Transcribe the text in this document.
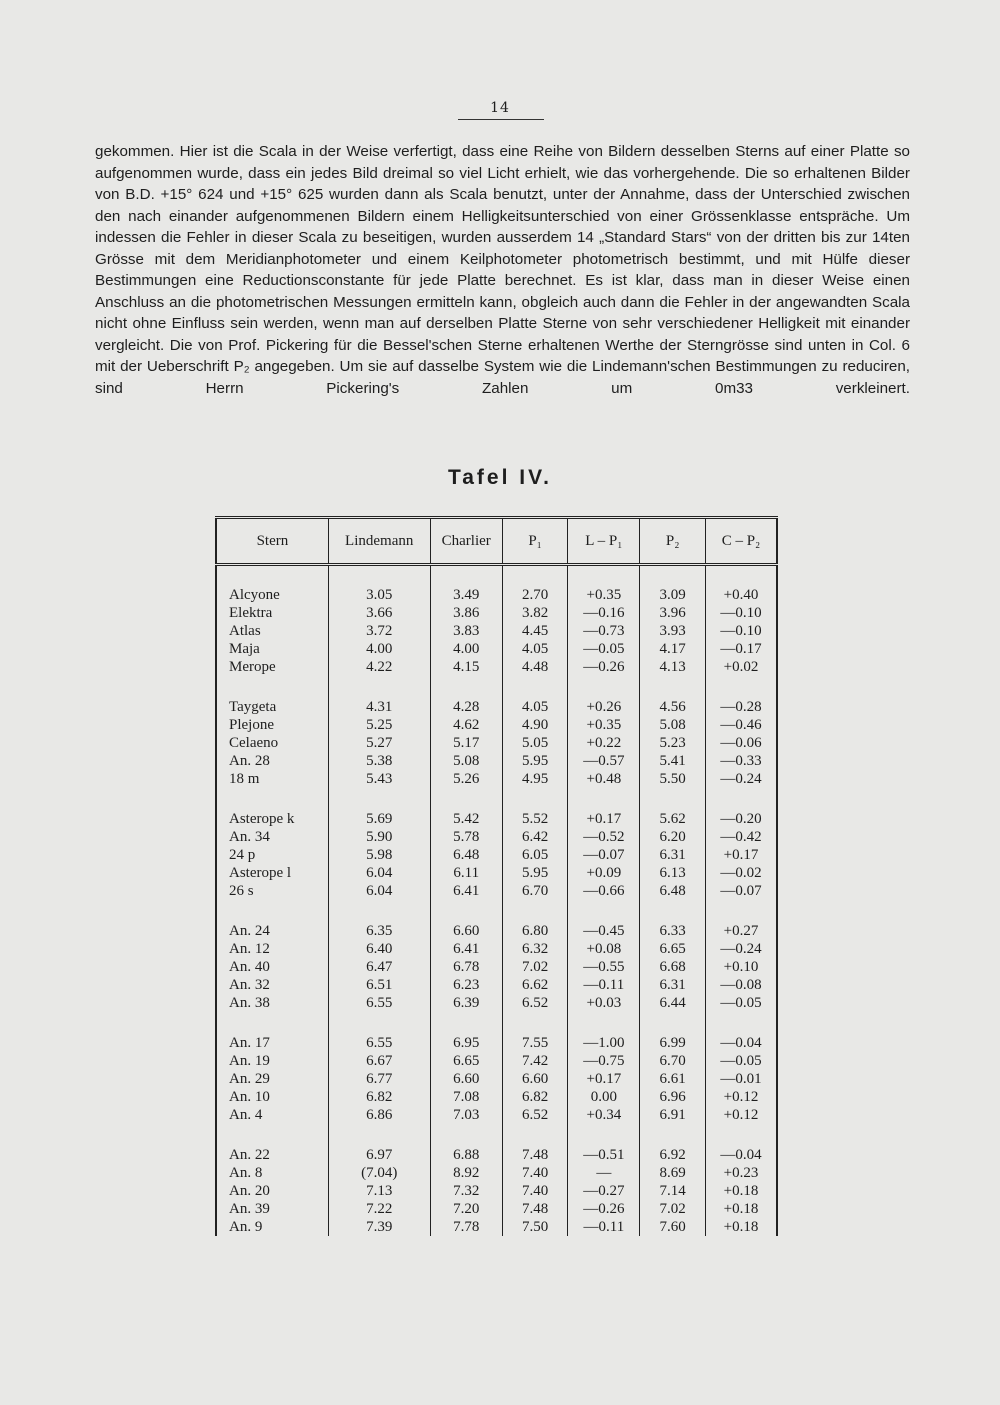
14

gekommen. Hier ist die Scala in der Weise verfertigt, dass eine Reihe von Bildern desselben Sterns auf einer Platte so aufgenommen wurde, dass ein jedes Bild dreimal so viel Licht erhielt, wie das vorhergehende. Die so erhaltenen Bilder von B.D. +15° 624 und +15° 625 wurden dann als Scala benutzt, unter der Annahme, dass der Unterschied zwischen den nach einander aufgenommenen Bildern einem Helligkeitsunterschied von einer Grössenklasse entspräche. Um indessen die Fehler in dieser Scala zu beseitigen, wurden ausserdem 14 „Standard Stars“ von der dritten bis zur 14ten Grösse mit dem Meridianphotometer und einem Keilphotometer photometrisch bestimmt, und mit Hülfe dieser Bestimmungen eine Reductionsconstante für jede Platte berechnet. Es ist klar, dass man in dieser Weise einen Anschluss an die photometrischen Messungen ermitteln kann, obgleich auch dann die Fehler in der angewandten Scala nicht ohne Einfluss sein werden, wenn man auf derselben Platte Sterne von sehr verschiedener Helligkeit mit einander vergleicht. Die von Prof. Pickering für die Bessel'schen Sterne erhaltenen Werthe der Sterngrösse sind unten in Col. 6 mit der Ueberschrift P₂ angegeben. Um sie auf dasselbe System wie die Lindemann'schen Bestimmungen zu reduciren, sind Herrn Pickering's Zahlen um 0m33 verkleinert.

Tafel IV.
Stern	Lindemann	Charlier	P₁	L – P₁	P₂	C – P₂

Alcyone	3.05	3.49	2.70	+0.35	3.09	+0.40
Elektra	3.66	3.86	3.82	—0.16	3.96	—0.10
Atlas	3.72	3.83	4.45	—0.73	3.93	—0.10
Maja	4.00	4.00	4.05	—0.05	4.17	—0.17
Merope	4.22	4.15	4.48	—0.26	4.13	+0.02

Taygeta	4.31	4.28	4.05	+0.26	4.56	—0.28
Plejone	5.25	4.62	4.90	+0.35	5.08	—0.46
Celaeno	5.27	5.17	5.05	+0.22	5.23	—0.06
An. 28	5.38	5.08	5.95	—0.57	5.41	—0.33
18 m	5.43	5.26	4.95	+0.48	5.50	—0.24

Asterope k	5.69	5.42	5.52	+0.17	5.62	—0.20
An. 34	5.90	5.78	6.42	—0.52	6.20	—0.42
24 p	5.98	6.48	6.05	—0.07	6.31	+0.17
Asterope l	6.04	6.11	5.95	+0.09	6.13	—0.02
26 s	6.04	6.41	6.70	—0.66	6.48	—0.07

An. 24	6.35	6.60	6.80	—0.45	6.33	+0.27
An. 12	6.40	6.41	6.32	+0.08	6.65	—0.24
An. 40	6.47	6.78	7.02	—0.55	6.68	+0.10
An. 32	6.51	6.23	6.62	—0.11	6.31	—0.08
An. 38	6.55	6.39	6.52	+0.03	6.44	—0.05

An. 17	6.55	6.95	7.55	—1.00	6.99	—0.04
An. 19	6.67	6.65	7.42	—0.75	6.70	—0.05
An. 29	6.77	6.60	6.60	+0.17	6.61	—0.01
An. 10	6.82	7.08	6.82	0.00	6.96	+0.12
An. 4	6.86	7.03	6.52	+0.34	6.91	+0.12

An. 22	6.97	6.88	7.48	—0.51	6.92	—0.04
An. 8	(7.04)	8.92	7.40	—	8.69	+0.23
An. 20	7.13	7.32	7.40	—0.27	7.14	+0.18
An. 39	7.22	7.20	7.48	—0.26	7.02	+0.18
An. 9	7.39	7.78	7.50	—0.11	7.60	+0.18
